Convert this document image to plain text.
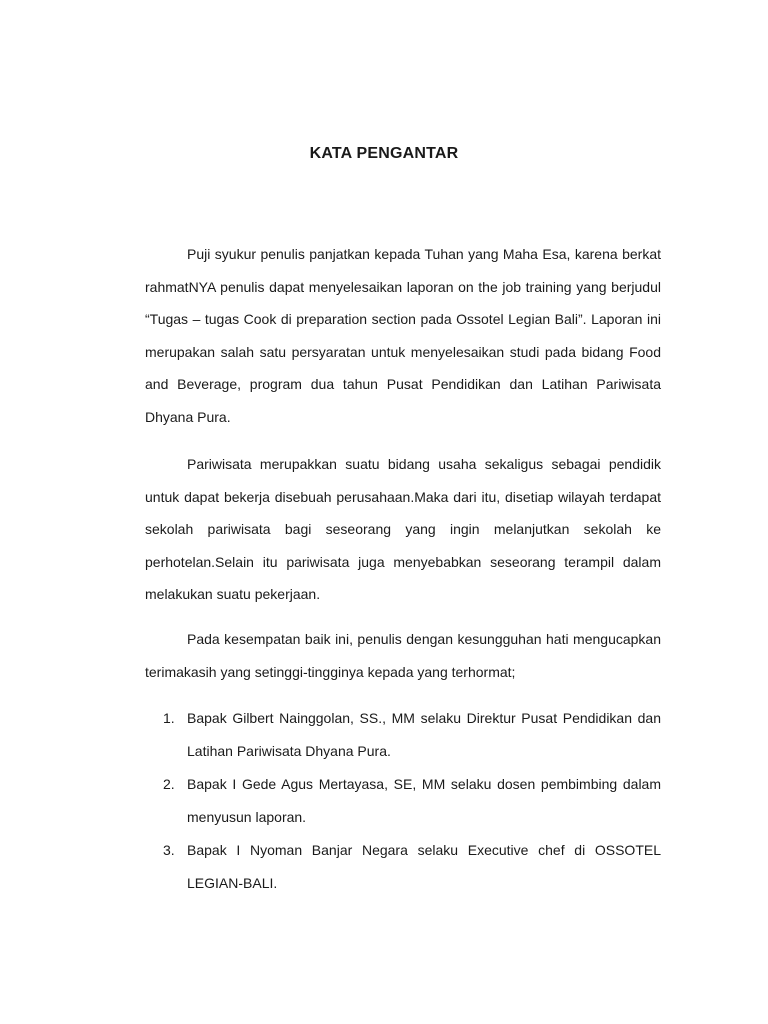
KATA PENGANTAR

Puji syukur penulis panjatkan kepada Tuhan yang Maha Esa, karena berkat rahmatNYA penulis dapat menyelesaikan laporan on the job training yang berjudul “Tugas – tugas Cook di preparation section pada Ossotel Legian Bali”. Laporan ini merupakan salah satu persyaratan untuk menyelesaikan studi pada bidang Food and Beverage, program dua tahun Pusat Pendidikan dan Latihan Pariwisata Dhyana Pura.

Pariwisata merupakkan suatu bidang usaha sekaligus sebagai pendidik untuk dapat bekerja disebuah perusahaan.Maka dari itu, disetiap wilayah terdapat sekolah pariwisata bagi seseorang yang ingin melanjutkan sekolah ke perhotelan.Selain itu pariwisata juga menyebabkan seseorang terampil dalam melakukan suatu pekerjaan.

Pada kesempatan baik ini, penulis dengan kesungguhan hati mengucapkan terimakasih yang setinggi-tingginya kepada yang terhormat;

1. Bapak Gilbert Nainggolan, SS., MM selaku Direktur Pusat Pendidikan dan Latihan Pariwisata Dhyana Pura.
2. Bapak I Gede Agus Mertayasa, SE, MM selaku dosen pembimbing dalam menyusun laporan.
3. Bapak I Nyoman Banjar Negara selaku Executive chef di OSSOTEL LEGIAN-BALI.
